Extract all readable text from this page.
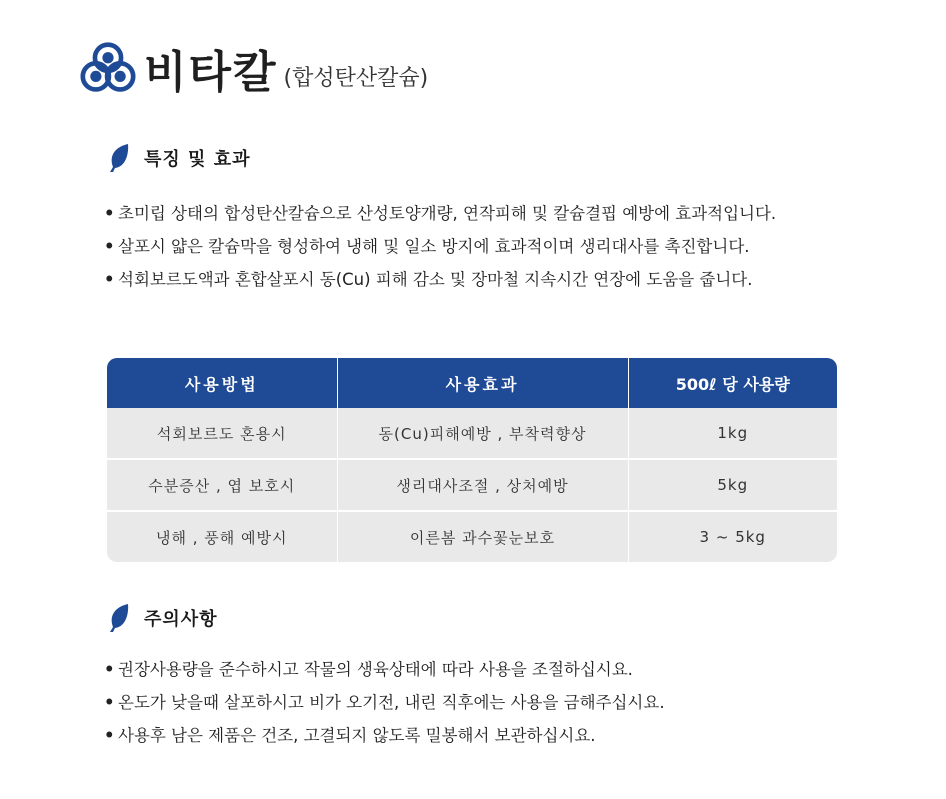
비타칼 (합성탄산칼슘)
특징 및 효과
• 초미립 상태의 합성탄산칼슘으로 산성토양개량, 연작피해 및 칼슘결핍 예방에 효과적입니다.
• 살포시 얇은 칼슘막을 형성하여 냉해 및 일소 방지에 효과적이며 생리대사를 촉진합니다.
• 석회보르도액과 혼합살포시 동(Cu) 피해 감소 및 장마철 지속시간 연장에 도움을 줍니다.
사용방법	사용효과	500ℓ 당 사용량
석회보르도 혼용시	동(Cu)피해예방 , 부착력향상	1kg
수분증산 , 엽 보호시	생리대사조절 , 상처예방	5kg
냉해 , 풍해 예방시	이른봄 과수꽃눈보호	3 ~ 5kg
주의사항
• 권장사용량을 준수하시고 작물의 생육상태에 따라 사용을 조절하십시요.
• 온도가 낮을때 살포하시고 비가 오기전, 내린 직후에는 사용을 금해주십시요.
• 사용후 남은 제품은 건조, 고결되지 않도록 밀봉해서 보관하십시요.
